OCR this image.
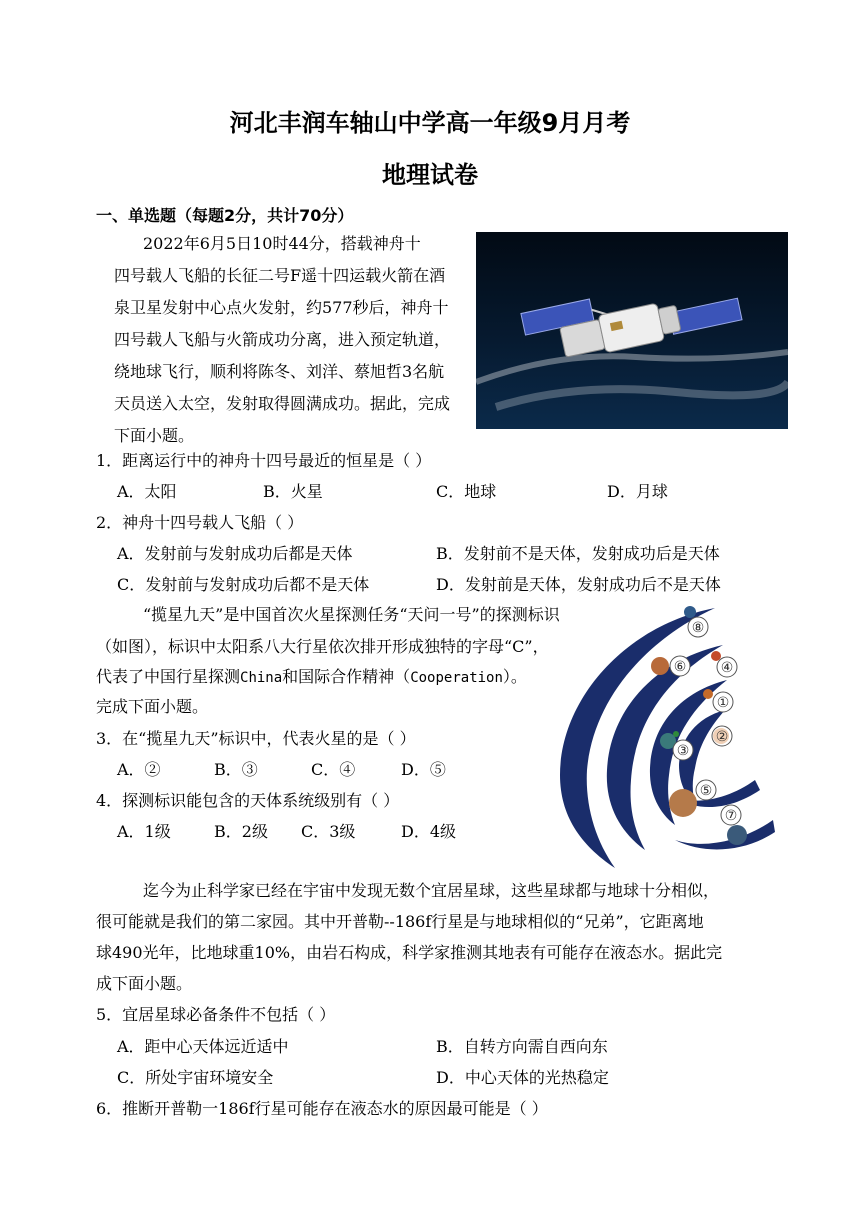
河北丰润车轴山中学高一年级9月月考
地理试卷
一、单选题（每题2分，共计70分）
2022年6月5日10时44分，搭载神舟十
四号载人飞船的长征二号F遥十四运载火箭在酒
泉卫星发射中心点火发射，约577秒后，神舟十
四号载人飞船与火箭成功分离，进入预定轨道，
绕地球飞行，顺利将陈冬、刘洋、蔡旭哲3名航
天员送入太空，发射取得圆满成功。据此，完成
下面小题。
1．距离运行中的神舟十四号最近的恒星是（ ）
A．太阳	B．火星	C．地球	D．月球
2．神舟十四号载人飞船（ ）
A．发射前与发射成功后都是天体	B．发射前不是天体，发射成功后是天体
C．发射前与发射成功后都不是天体	D．发射前是天体，发射成功后不是天体
“揽星九天”是中国首次火星探测任务“天问一号”的探测标识
（如图），标识中太阳系八大行星依次排开形成独特的字母“C”，
代表了中国行星探测China和国际合作精神（Cooperation）。
完成下面小题。
3．在“揽星九天”标识中，代表火星的是（ ）
A．②	B．③	C．④	D．⑤
4．探测标识能包含的天体系统级别有（ ）
A．1级	B．2级 C．3级	D．4级
⑧
⑥ ④
①
②
③
⑤
⑦
迄今为止科学家已经在宇宙中发现无数个宜居星球，这些星球都与地球十分相似，
很可能就是我们的第二家园。其中开普勒--186f行星是与地球相似的“兄弟”，它距离地
球490光年，比地球重10%，由岩石构成，科学家推测其地表有可能存在液态水。据此完
成下面小题。
5．宜居星球必备条件不包括（ ）
A．距中心天体远近适中	B．自转方向需自西向东
C．所处宇宙环境安全	D．中心天体的光热稳定
6．推断开普勒一186f行星可能存在液态水的原因最可能是（ ）
